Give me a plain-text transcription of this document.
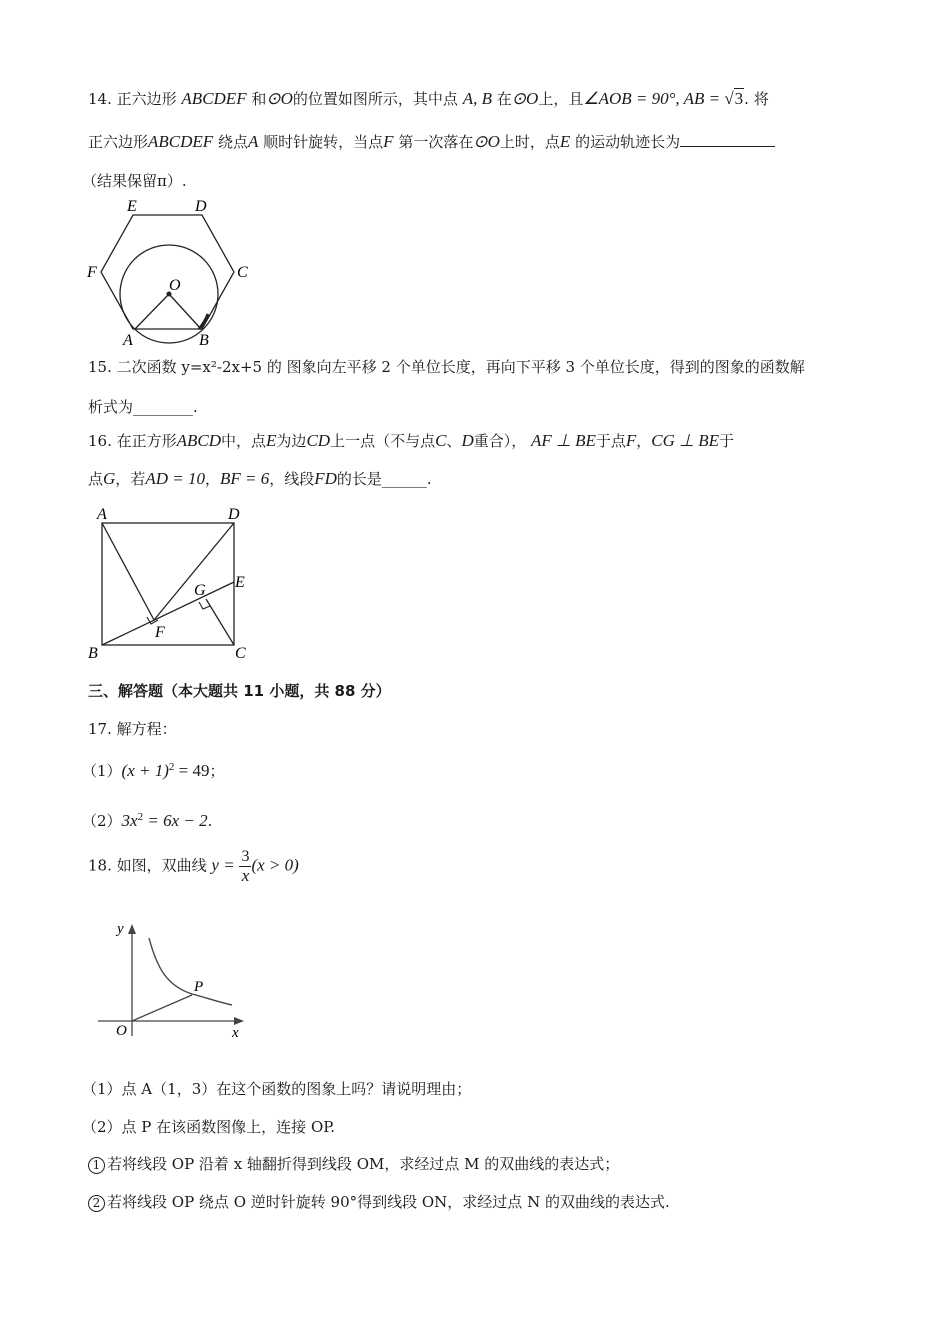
14. 正六边形 ABCDEF 和⊙O的位置如图所示，其中点 A, B 在⊙O上，且∠AOB = 90°, AB = √3. 将
正六边形ABCDEF 绕点A 顺时针旋转，当点F 第一次落在⊙O上时，点E 的运动轨迹长为
（结果保留π）.
E	D
F	C
O
A	B
15. 二次函数 y=x²-2x+5 的 图象向左平移 2 个单位长度，再向下平移 3 个单位长度，得到的图象的函数解
析式为________.
16. 在正方形ABCD中，点E为边CD上一点（不与点C、D重合）， AF ⊥ BE于点F，CG ⊥ BE于
点G，若AD = 10，BF = 6，线段FD的长是______.
A	D
E
G
F
B	C
三、解答题（本大题共 11 小题，共 88 分）
17. 解方程：
$(1)(x + 1)^2 = 49$；
$(2)3x^2 = 6x - 2$.
18. 如图，双曲线 $y = \frac{3}{x} (x > 0)$
y
x
O
P
（1）点 A（1，3）在这个函数的图象上吗？请说明理由；
（2）点 P 在该函数图像上，连接 OP.
1 若将线段 OP 沿着 x 轴翻折得到线段 OM，求经过点 M 的双曲线的表达式；
2 若将线段 OP 绕点 O 逆时针旋转 90°得到线段 ON，求经过点 N 的双曲线的表达式.
